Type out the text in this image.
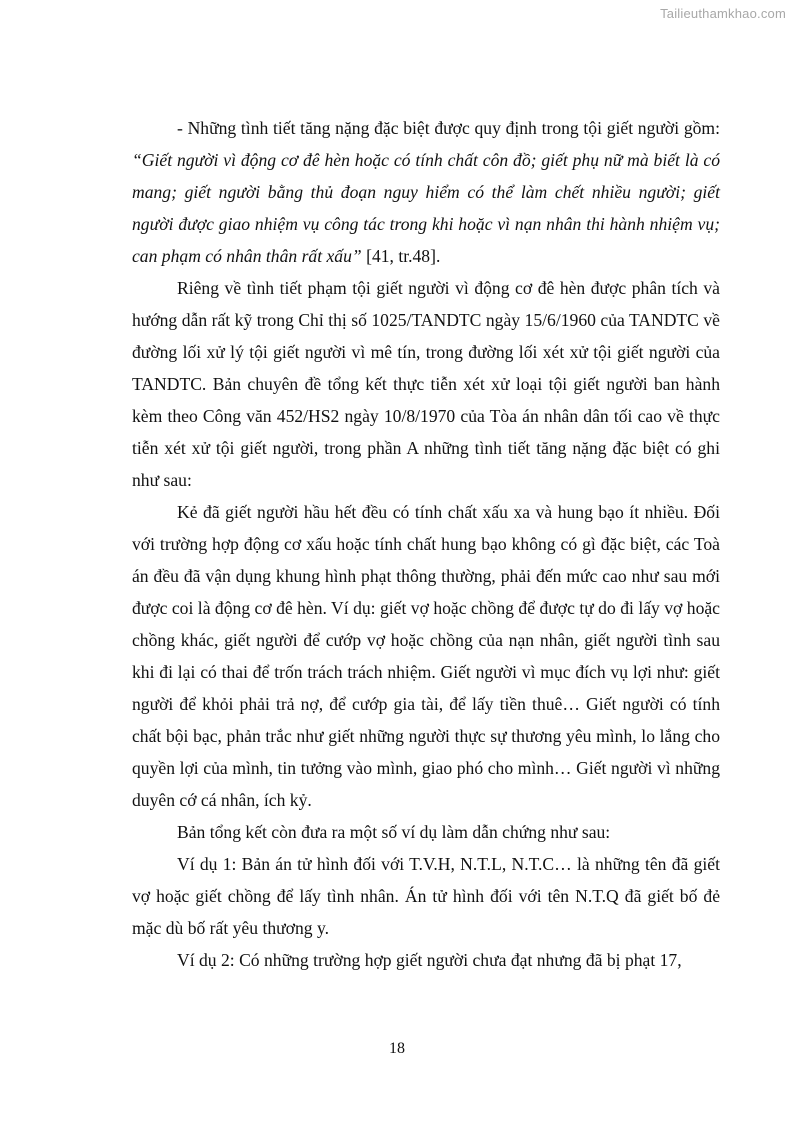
Tailieuthamkhao.com

- Những tình tiết tăng nặng đặc biệt được quy định trong tội giết người gồm: “Giết người vì động cơ đê hèn hoặc có tính chất côn đồ; giết phụ nữ mà biết là có mang; giết người bằng thủ đoạn nguy hiểm có thể làm chết nhiều người; giết người được giao nhiệm vụ công tác trong khi hoặc vì nạn nhân thi hành nhiệm vụ; can phạm có nhân thân rất xấu” [41, tr.48].

Riêng về tình tiết phạm tội giết người vì động cơ đê hèn được phân tích và hướng dẫn rất kỹ trong Chỉ thị số 1025/TANDTC ngày 15/6/1960 của TANDTC về đường lối xử lý tội giết người vì mê tín, trong đường lối xét xử tội giết người của TANDTC. Bản chuyên đề tổng kết thực tiễn xét xử loại tội giết người ban hành kèm theo Công văn 452/HS2 ngày 10/8/1970 của Tòa án nhân dân tối cao về thực tiễn xét xử tội giết người, trong phần A những tình tiết tăng nặng đặc biệt có ghi như sau:

Kẻ đã giết người hầu hết đều có tính chất xấu xa và hung bạo ít nhiều. Đối với trường hợp động cơ xấu hoặc tính chất hung bạo không có gì đặc biệt, các Toà án đều đã vận dụng khung hình phạt thông thường, phải đến mức cao như sau mới được coi là động cơ đê hèn. Ví dụ: giết vợ hoặc chồng để được tự do đi lấy vợ hoặc chồng khác, giết người để cướp vợ hoặc chồng của nạn nhân, giết người tình sau khi đi lại có thai để trốn trách trách nhiệm. Giết người vì mục đích vụ lợi như: giết người để khỏi phải trả nợ, để cướp gia tài, để lấy tiền thuê… Giết người có tính chất bội bạc, phản trắc như giết những người thực sự thương yêu mình, lo lắng cho quyền lợi của mình, tin tưởng vào mình, giao phó cho mình… Giết người vì những duyên cớ cá nhân, ích kỷ.

Bản tổng kết còn đưa ra một số ví dụ làm dẫn chứng như sau:

Ví dụ 1: Bản án tử hình đối với T.V.H, N.T.L, N.T.C… là những tên đã giết vợ hoặc giết chồng để lấy tình nhân. Án tử hình đối với tên N.T.Q đã giết bố đẻ mặc dù bố rất yêu thương y.

Ví dụ 2: Có những trường hợp giết người chưa đạt nhưng đã bị phạt 17,

18
